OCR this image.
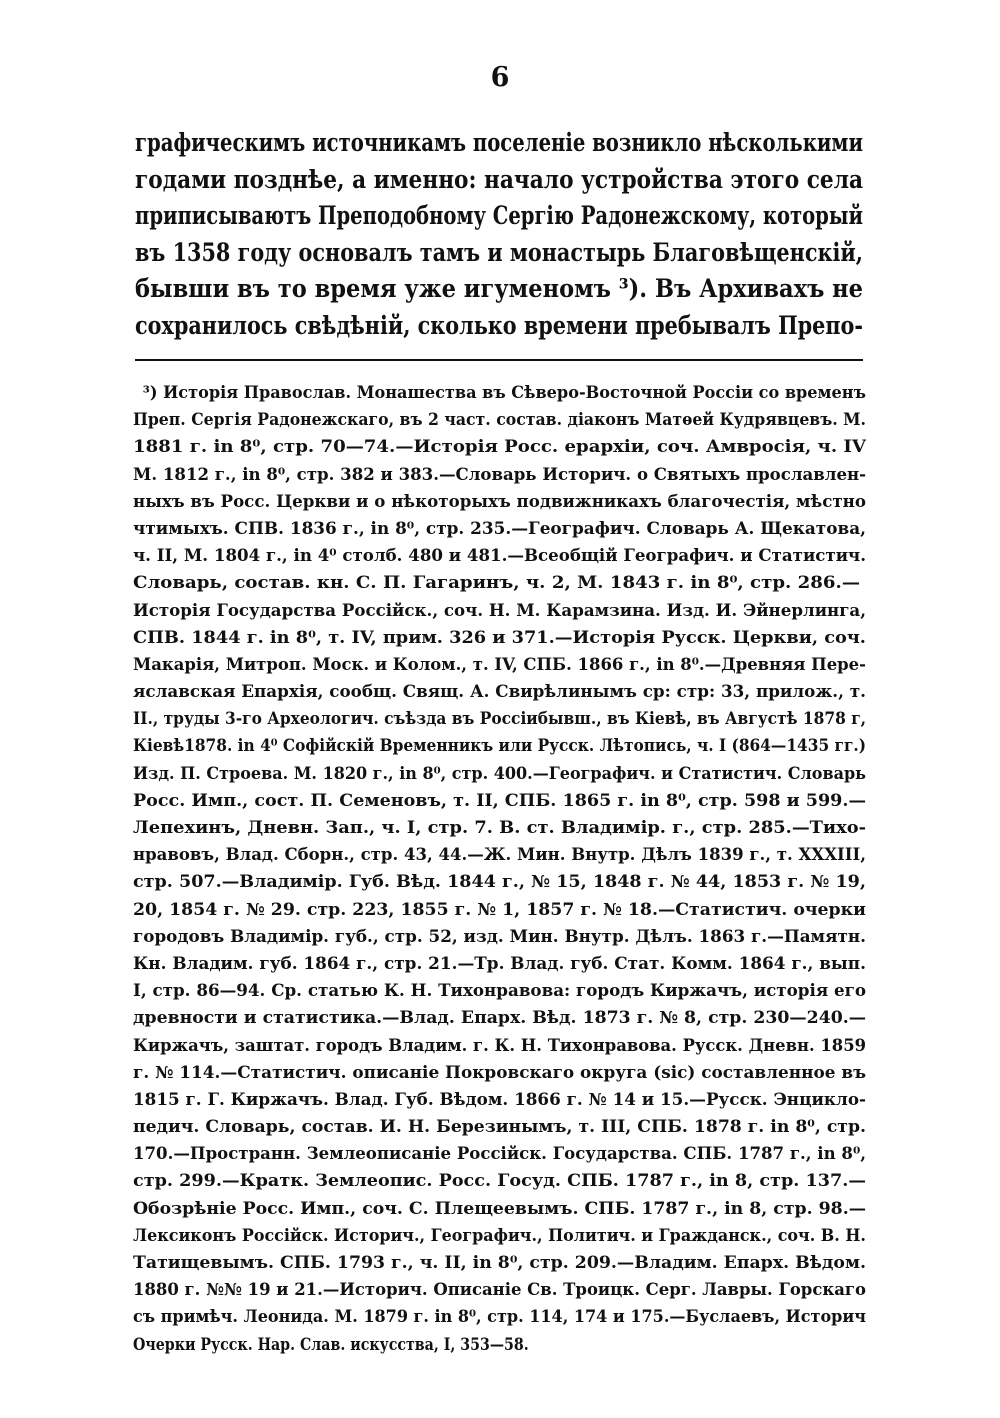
6
графическимъ источникамъ поселеніе возникло нѣсколькими
годами позднѣе, а именно: начало устройства этого села
приписываютъ Преподобному Сергію Радонежскому, который
въ 1358 году основалъ тамъ и монастырь Благовѣщенскій,
бывши въ то время уже игуменомъ ³). Въ Архивахъ не
сохранилось свѣдѣній, сколько времени пребывалъ Препо-
³) Исторія Православ. Монашества въ Сѣверо-Восточной Россіи со временъ
Преп. Сергія Радонежскаго, въ 2 част. состав. діаконъ Матѳей Кудрявцевъ. М.
1881 г. in 8⁰, стр. 70—74.—Исторія Росс. ерархіи, соч. Амвросія, ч. IV
М. 1812 г., in 8⁰, стр. 382 и 383.—Словарь Историч. о Святыхъ прославлен-
ныхъ въ Росс. Церкви и о нѣкоторыхъ подвижникахъ благочестія, мѣстно
чтимыхъ. СПВ. 1836 г., in 8⁰, стр. 235.—Географич. Словарь А. Щекатова,
ч. II, М. 1804 г., in 4⁰ столб. 480 и 481.—Всеобщій Географич. и Статистич.
Словарь, состав. кн. С. П. Гагаринъ, ч. 2, М. 1843 г. in 8⁰, стр. 286.—
Исторія Государства Россійск., соч. Н. М. Карамзина. Изд. И. Эйнерлинга,
СПВ. 1844 г. in 8⁰, т. IV, прим. 326 и 371.—Исторія Русск. Церкви, соч.
Макарія, Митроп. Моск. и Колом., т. IV, СПБ. 1866 г., in 8⁰.—Древняя Пере-
яславская Епархія, сообщ. Свящ. А. Свирѣлинымъ ср: стр: 33, прилож., т.
II., труды 3-го Археологич. съѣзда въ Россіибывш., въ Кіевѣ, въ Августѣ 1878 г,
Кіевѣ1878. in 4⁰ Софійскій Временникъ или Русск. Лѣтопись, ч. I (864—1435 гг.)
Изд. П. Строева. М. 1820 г., in 8⁰, стр. 400.—Географич. и Статистич. Словарь
Росс. Имп., сост. П. Семеновъ, т. II, СПБ. 1865 г. in 8⁰, стр. 598 и 599.—
Лепехинъ, Дневн. Зап., ч. I, стр. 7. В. ст. Владимір. г., стр. 285.—Тихо-
нравовъ, Влад. Сборн., стр. 43, 44.—Ж. Мин. Внутр. Дѣлъ 1839 г., т. XXXIII,
стр. 507.—Владимір. Губ. Вѣд. 1844 г., № 15, 1848 г. № 44, 1853 г. № 19,
20, 1854 г. № 29. стр. 223, 1855 г. № 1, 1857 г. № 18.—Статистич. очерки
городовъ Владимір. губ., стр. 52, изд. Мин. Внутр. Дѣлъ. 1863 г.—Памятн.
Кн. Владим. губ. 1864 г., стр. 21.—Тр. Влад. губ. Стат. Комм. 1864 г., вып.
I, стр. 86—94. Ср. статью К. Н. Тихонравова: городъ Киржачъ, исторія его
древности и статистика.—Влад. Епарх. Вѣд. 1873 г. № 8, стр. 230—240.—
Киржачъ, заштат. городъ Владим. г. К. Н. Тихонравова. Русск. Дневн. 1859
г. № 114.—Статистич. описаніе Покровскаго округа (sic) составленное въ
1815 г. Г. Киржачъ. Влад. Губ. Вѣдом. 1866 г. № 14 и 15.—Русск. Энцикло-
педич. Словарь, состав. И. Н. Березинымъ, т. III, СПБ. 1878 г. in 8⁰, стр.
170.—Пространн. Землеописаніе Россійск. Государства. СПБ. 1787 г., in 8⁰,
стр. 299.—Кратк. Землеопис. Росс. Госуд. СПБ. 1787 г., in 8, стр. 137.—
Обозрѣніе Росс. Имп., соч. С. Плещеевымъ. СПБ. 1787 г., in 8, стр. 98.—
Лексиконъ Россійск. Историч., Географич., Политич. и Гражданск., соч. В. Н.
Татищевымъ. СПБ. 1793 г., ч. II, in 8⁰, стр. 209.—Владим. Епарх. Вѣдом.
1880 г. №№ 19 и 21.—Историч. Описаніе Св. Троицк. Серг. Лавры. Горскаго
съ примѣч. Леонида. М. 1879 г. in 8⁰, стр. 114, 174 и 175.—Буслаевъ, Историч
Очерки Русск. Нар. Слав. искусства, I, 353—58.
